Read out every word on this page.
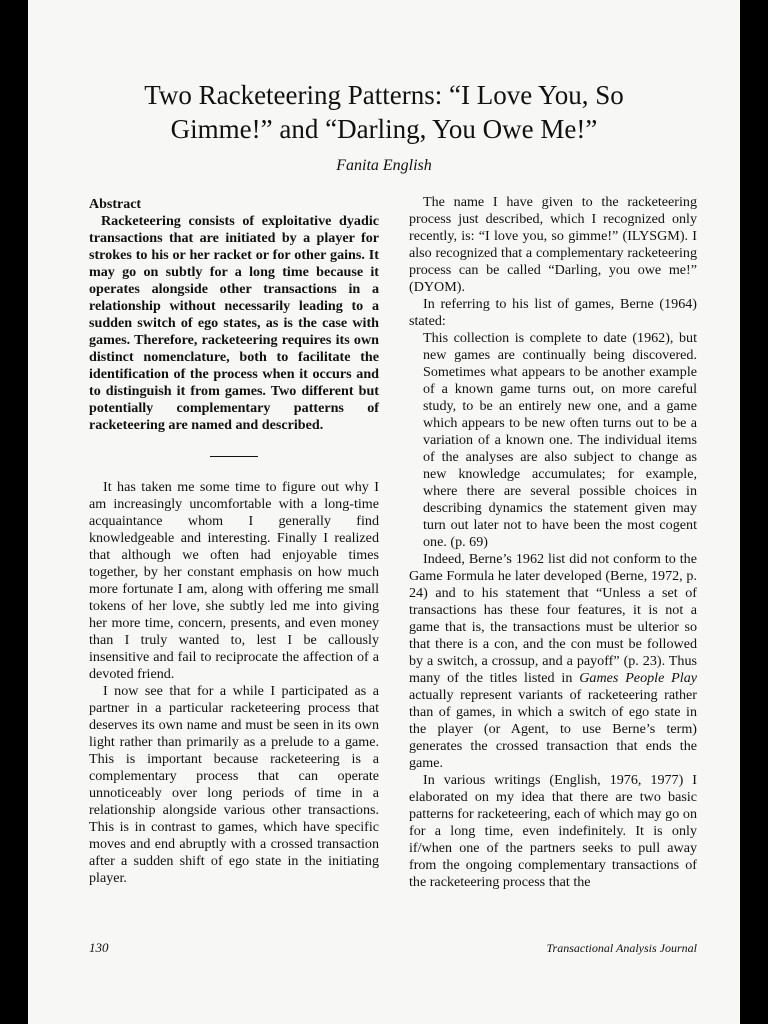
Two Racketeering Patterns: “I Love You, So
Gimme!” and “Darling, You Owe Me!”
Fanita English

Abstract

Racketeering consists of exploitative dyadic transactions that are initiated by a player for strokes to his or her racket or for other gains. It may go on subtly for a long time because it operates alongside other transactions in a relationship without necessarily leading to a sudden switch of ego states, as is the case with games. Therefore, racketeering requires its own distinct nomenclature, both to facilitate the identification of the process when it occurs and to distinguish it from games. Two different but potentially complementary patterns of racketeering are named and described.

It has taken me some time to figure out why I am increasingly uncomfortable with a long-time acquaintance whom I generally find knowledgeable and interesting. Finally I realized that although we often had enjoyable times together, by her constant emphasis on how much more fortunate I am, along with offering me small tokens of her love, she subtly led me into giving her more time, concern, presents, and even money than I truly wanted to, lest I be callously insensitive and fail to reciprocate the affection of a devoted friend.

I now see that for a while I participated as a partner in a particular racketeering process that deserves its own name and must be seen in its own light rather than primarily as a prelude to a game. This is important because racketeering is a complementary process that can operate unnoticeably over long periods of time in a relationship alongside various other transactions. This is in contrast to games, which have specific moves and end abruptly with a crossed transaction after a sudden shift of ego state in the initiating player.

The name I have given to the racketeering process just described, which I recognized only recently, is: “I love you, so gimme!” (ILYSGM). I also recognized that a complementary racketeering process can be called “Darling, you owe me!” (DYOM).

In referring to his list of games, Berne (1964) stated:

This collection is complete to date (1962), but new games are continually being discovered. Sometimes what appears to be another example of a known game turns out, on more careful study, to be an entirely new one, and a game which appears to be new often turns out to be a variation of a known one. The individual items of the analyses are also subject to change as new knowledge accumulates; for example, where there are several possible choices in describing dynamics the statement given may turn out later not to have been the most cogent one. (p. 69)

Indeed, Berne’s 1962 list did not conform to the Game Formula he later developed (Berne, 1972, p. 24) and to his statement that “Unless a set of transactions has these four features, it is not a game that is, the transactions must be ulterior so that there is a con, and the con must be followed by a switch, a crossup, and a payoff” (p. 23). Thus many of the titles listed in Games People Play actually represent variants of racketeering rather than of games, in which a switch of ego state in the player (or Agent, to use Berne’s term) generates the crossed transaction that ends the game.

In various writings (English, 1976, 1977) I elaborated on my idea that there are two basic patterns for racketeering, each of which may go on for a long time, even indefinitely. It is only if/when one of the partners seeks to pull away from the ongoing complementary transactions of the racketeering process that the

130	Transactional Analysis Journal
